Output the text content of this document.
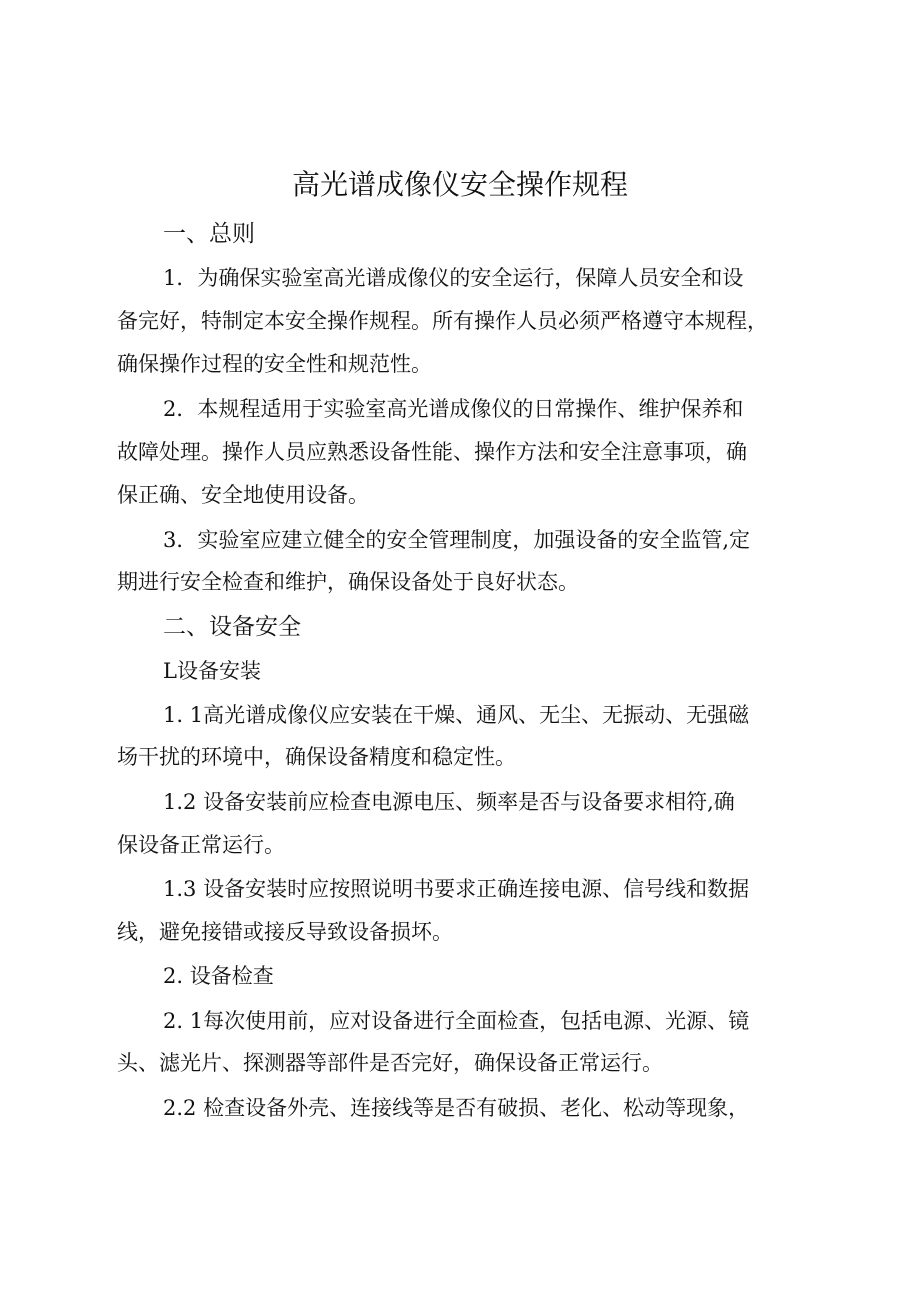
高光谱成像仪安全操作规程
一、总则
1．为确保实验室高光谱成像仪的安全运行，保障人员安全和设
备完好，特制定本安全操作规程。所有操作人员必须严格遵守本规程，
确保操作过程的安全性和规范性。
2．本规程适用于实验室高光谱成像仪的日常操作、维护保养和
故障处理。操作人员应熟悉设备性能、操作方法和安全注意事项，确
保正确、安全地使用设备。
3．实验室应建立健全的安全管理制度，加强设备的安全监管,定
期进行安全检查和维护，确保设备处于良好状态。
二、设备安全
L设备安装
1. 1高光谱成像仪应安装在干燥、通风、无尘、无振动、无强磁
场干扰的环境中，确保设备精度和稳定性。
1.2 设备安装前应检查电源电压、频率是否与设备要求相符,确
保设备正常运行。
1.3 设备安装时应按照说明书要求正确连接电源、信号线和数据
线，避免接错或接反导致设备损坏。
2. 设备检查
2. 1每次使用前，应对设备进行全面检查，包括电源、光源、镜
头、滤光片、探测器等部件是否完好，确保设备正常运行。
2.2 检查设备外壳、连接线等是否有破损、老化、松动等现象，
